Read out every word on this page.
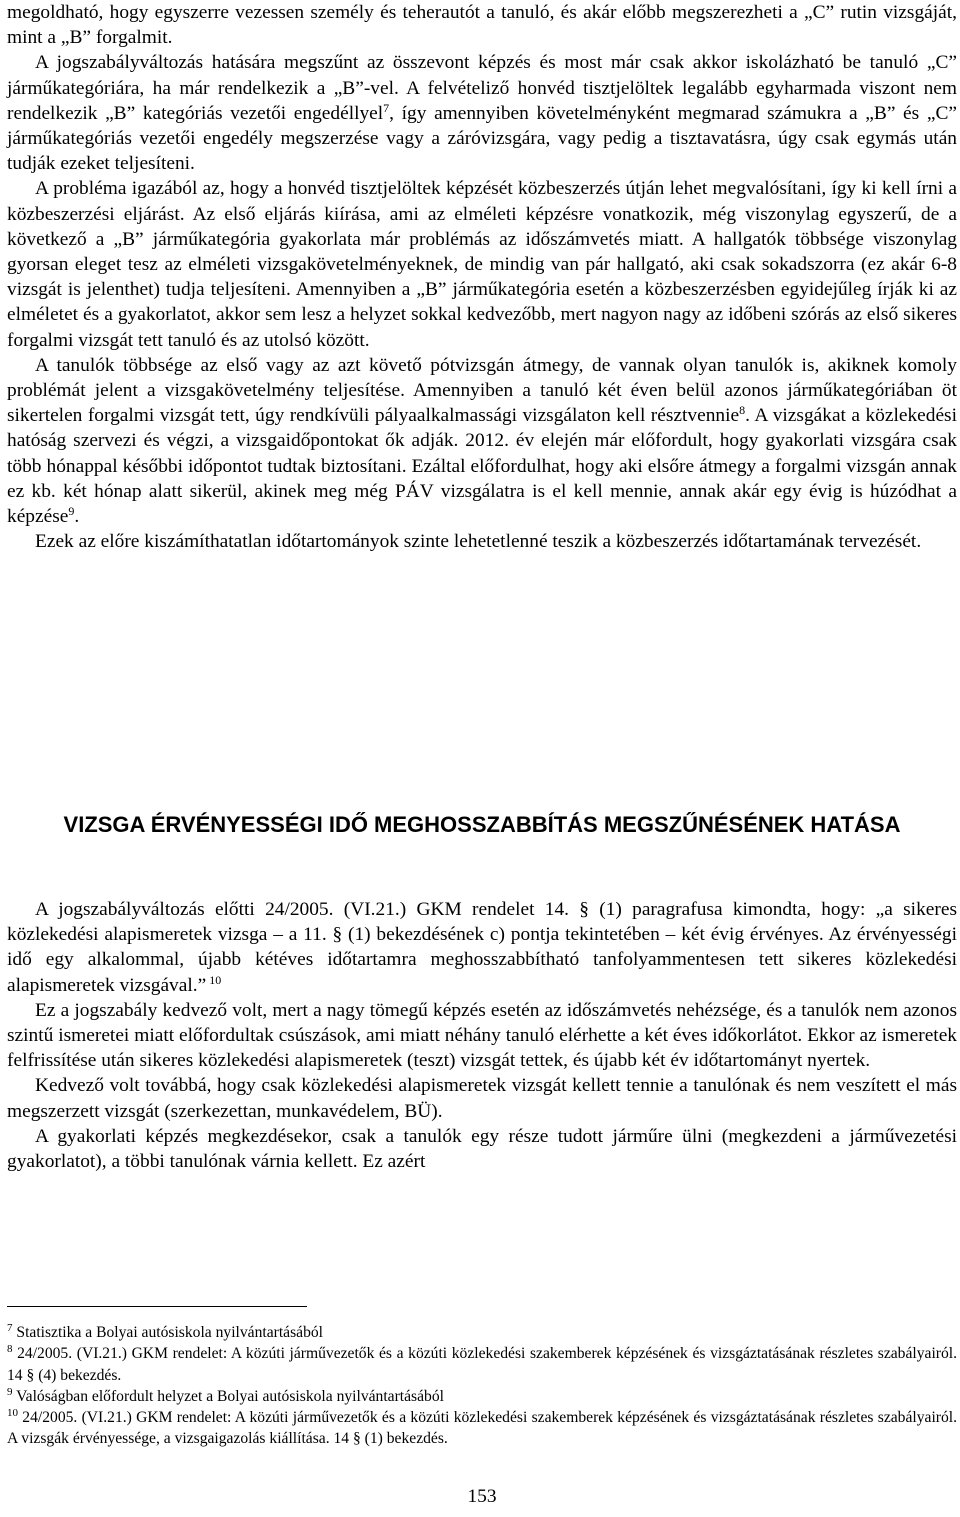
megoldható, hogy egyszerre vezessen személy és teherautót a tanuló, és akár előbb megszerezheti a „C” rutin vizsgáját, mint a „B” forgalmit.

A jogszabályváltozás hatására megszűnt az összevont képzés és most már csak akkor iskolázható be tanuló „C” járműkategóriára, ha már rendelkezik a „B”-vel. A felvételiző honvéd tisztjelöltek legalább egyharmada viszont nem rendelkezik „B” kategóriás vezetői engedéllyel$^7$, így amennyiben követelményként megmarad számukra a „B” és „C” járműkategóriás vezetői engedély megszerzése vagy a záróvizsgára, vagy pedig a tisztavatásra, úgy csak egymás után tudják ezeket teljesíteni.

A probléma igazából az, hogy a honvéd tisztjelöltek képzését közbeszerzés útján lehet megvalósítani, így ki kell írni a közbeszerzési eljárást. Az első eljárás kiírása, ami az elméleti képzésre vonatkozik, még viszonylag egyszerű, de a következő a „B” járműkategória gyakorlata már problémás az időszámvetés miatt. A hallgatók többsége viszonylag gyorsan eleget tesz az elméleti vizsgakövetelményeknek, de mindig van pár hallgató, aki csak sokadszorra (ez akár 6-8 vizsgát is jelenthet) tudja teljesíteni. Amennyiben a „B” járműkategória esetén a közbeszerzésben egyidejűleg írják ki az elméletet és a gyakorlatot, akkor sem lesz a helyzet sokkal kedvezőbb, mert nagyon nagy az időbeni szórás az első sikeres forgalmi vizsgát tett tanuló és az utolsó között.

A tanulók többsége az első vagy az azt követő pótvizsgán átmegy, de vannak olyan tanulók is, akiknek komoly problémát jelent a vizsgakövetelmény teljesítése. Amennyiben a tanuló két éven belül azonos járműkategóriában öt sikertelen forgalmi vizsgát tett, úgy rendkívüli pályaalkalmassági vizsgálaton kell résztvennie$^8$. A vizsgákat a közlekedési hatóság szervezi és végzi, a vizsgaidőpontokat ők adják. 2012. év elején már előfordult, hogy gyakorlati vizsgára csak több hónappal későbbi időpontot tudtak biztosítani. Ezáltal előfordulhat, hogy aki elsőre átmegy a forgalmi vizsgán annak ez kb. két hónap alatt sikerül, akinek meg még PÁV vizsgálatra is el kell mennie, annak akár egy évig is húzódhat a képzése$^9$.

Ezek az előre kiszámíthatatlan időtartományok szinte lehetetlenné teszik a közbeszerzés időtartamának tervezését.

VIZSGA ÉRVÉNYESSÉGI IDŐ MEGHOSSZABBÍTÁS MEGSZŰNÉSÉNEK HATÁSA

A jogszabályváltozás előtti 24/2005. (VI.21.) GKM rendelet 14. § (1) paragrafusa kimondta, hogy: „a sikeres közlekedési alapismeretek vizsga – a 11. § (1) bekezdésének c) pontja tekintetében – két évig érvényes. Az érvényességi idő egy alkalommal, újabb kétéves időtartamra meghosszabbítható tanfolyammentesen tett sikeres közlekedési alapismeretek vizsgával.” $^{10}$

Ez a jogszabály kedvező volt, mert a nagy tömegű képzés esetén az időszámvetés nehézsége, és a tanulók nem azonos szintű ismeretei miatt előfordultak csúszások, ami miatt néhány tanuló elérhette a két éves időkorlátot. Ekkor az ismeretek felfrissítése után sikeres közlekedési alapismeretek (teszt) vizsgát tettek, és újabb két év időtartományt nyertek.

Kedvező volt továbbá, hogy csak közlekedési alapismeretek vizsgát kellett tennie a tanulónak és nem veszített el más megszerzett vizsgát (szerkezettan, munkavédelem, BÜ).

A gyakorlati képzés megkezdésekor, csak a tanulók egy része tudott járműre ülni (megkezdeni a járművezetési gyakorlatot), a többi tanulónak várnia kellett. Ez azért

$^7$ Statisztika a Bolyai autósiskola nyilvántartásából

$^8$ 24/2005. (VI.21.) GKM rendelet: A közúti járművezetők és a közúti közlekedési szakemberek képzésének és vizsgáztatásának részletes szabályairól. 14 § (4) bekezdés.

$^9$ Valóságban előfordult helyzet a Bolyai autósiskola nyilvántartásából

$^{10}$ 24/2005. (VI.21.) GKM rendelet: A közúti járművezetők és a közúti közlekedési szakemberek képzésének és vizsgáztatásának részletes szabályairól. A vizsgák érvényessége, a vizsgaigazolás kiállítása. 14 § (1) bekezdés.

153
